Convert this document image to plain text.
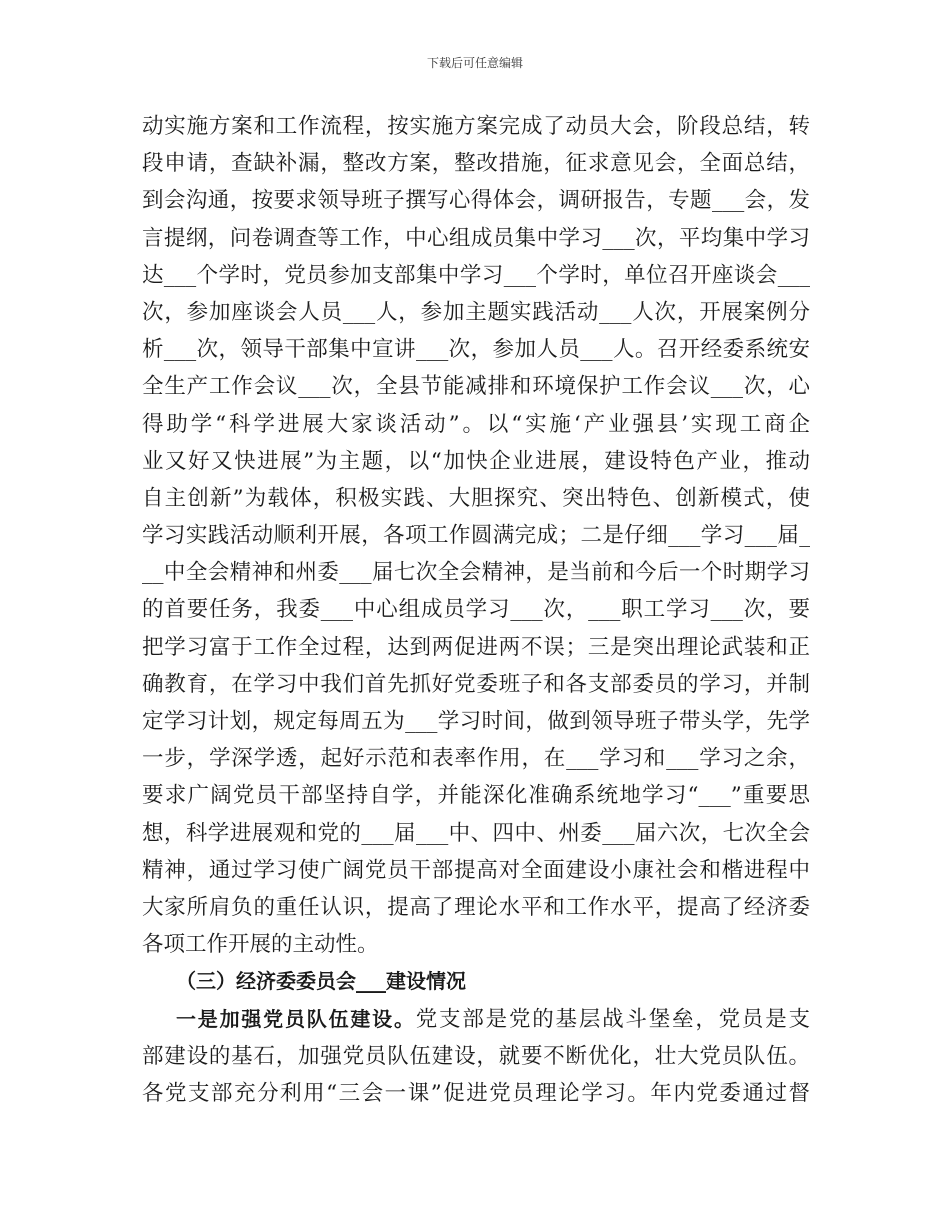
下载后可任意编辑
动实施方案和工作流程，按实施方案完成了动员大会，阶段总结，转
段申请，查缺补漏，整改方案，整改措施，征求意见会，全面总结，
到会沟通，按要求领导班子撰写心得体会，调研报告，专题___会，发
言提纲，问卷调查等工作，中心组成员集中学习___次，平均集中学习
达___个学时，党员参加支部集中学习___个学时，单位召开座谈会___
次，参加座谈会人员___人，参加主题实践活动___人次，开展案例分
析___次，领导干部集中宣讲___次，参加人员___人。召开经委系统安
全生产工作会议___次，全县节能减排和环境保护工作会议___次，心
得助学“科学进展大家谈活动”。以“实施‘产业强县’实现工商企
业又好又快进展”为主题，以“加快企业进展，建设特色产业，推动
自主创新”为载体，积极实践、大胆探究、突出特色、创新模式，使
学习实践活动顺利开展，各项工作圆满完成；二是仔细___学习___届_
__中全会精神和州委___届七次全会精神，是当前和今后一个时期学习
的首要任务，我委___中心组成员学习___次，___职工学习___次，要
把学习富于工作全过程，达到两促进两不误；三是突出理论武装和正
确教育，在学习中我们首先抓好党委班子和各支部委员的学习，并制
定学习计划，规定每周五为___学习时间，做到领导班子带头学，先学
一步，学深学透，起好示范和表率作用，在___学习和___学习之余，
要求广阔党员干部坚持自学，并能深化准确系统地学习“___”重要思
想，科学进展观和党的___届___中、四中、州委___届六次，七次全会
精神，通过学习使广阔党员干部提高对全面建设小康社会和楷进程中
大家所肩负的重任认识，提高了理论水平和工作水平，提高了经济委
各项工作开展的主动性。
（三）经济委委员会___建设情况
一是加强党员队伍建设。党支部是党的基层战斗堡垒，党员是支
部建设的基石，加强党员队伍建设，就要不断优化，壮大党员队伍。
各党支部充分利用“三会一课”促进党员理论学习。年内党委通过督
